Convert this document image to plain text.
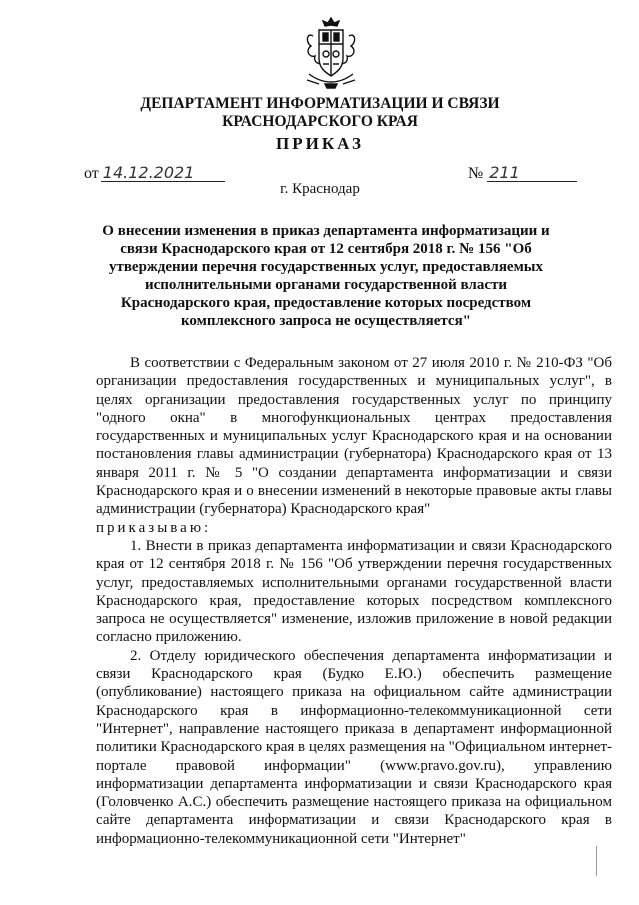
ДЕПАРТАМЕНТ ИНФОРМАТИЗАЦИИ И СВЯЗИ КРАСНОДАРСКОГО КРАЯ
ПРИКАЗ
от 14.12.2021	№ 211
г. Краснодар
О внесении изменения в приказ департамента информатизации и связи Краснодарского края от 12 сентября 2018 г. № 156 "Об утверждении перечня государственных услуг, предоставляемых исполнительными органами государственной власти Краснодарского края, предоставление которых посредством комплексного запроса не осуществляется"

В соответствии с Федеральным законом от 27 июля 2010 г. № 210-ФЗ "Об организации предоставления государственных и муниципальных услуг", в целях организации предоставления государственных услуг по принципу "одного окна" в многофункциональных центрах предоставления государственных и муниципальных услуг Краснодарского края и на основании постановления главы администрации (губернатора) Краснодарского края от 13 января 2011 г. № 5 "О создании департамента информатизации и связи Краснодарского края и о внесении изменений в некоторые правовые акты главы администрации (губернатора) Краснодарского края"

приказываю:

1. Внести в приказ департамента информатизации и связи Краснодарского края от 12 сентября 2018 г. № 156 "Об утверждении перечня государственных услуг, предоставляемых исполнительными органами государственной власти Краснодарского края, предоставление которых посредством комплексного запроса не осуществляется" изменение, изложив приложение в новой редакции согласно приложению.

2. Отделу юридического обеспечения департамента информатизации и связи Краснодарского края (Будко Е.Ю.) обеспечить размещение (опубликование) настоящего приказа на официальном сайте администрации Краснодарского края в информационно-телекоммуникационной сети "Интернет", направление настоящего приказа в департамент информационной политики Краснодарского края в целях размещения на "Официальном интернет-портале правовой информации" (www.pravo.gov.ru), управлению информатизации департамента информатизации и связи Краснодарского края (Головченко А.С.) обеспечить размещение настоящего приказа на официальном сайте департамента информатизации и связи Краснодарского края в информационно-телекоммуникационной сети "Интернет"
